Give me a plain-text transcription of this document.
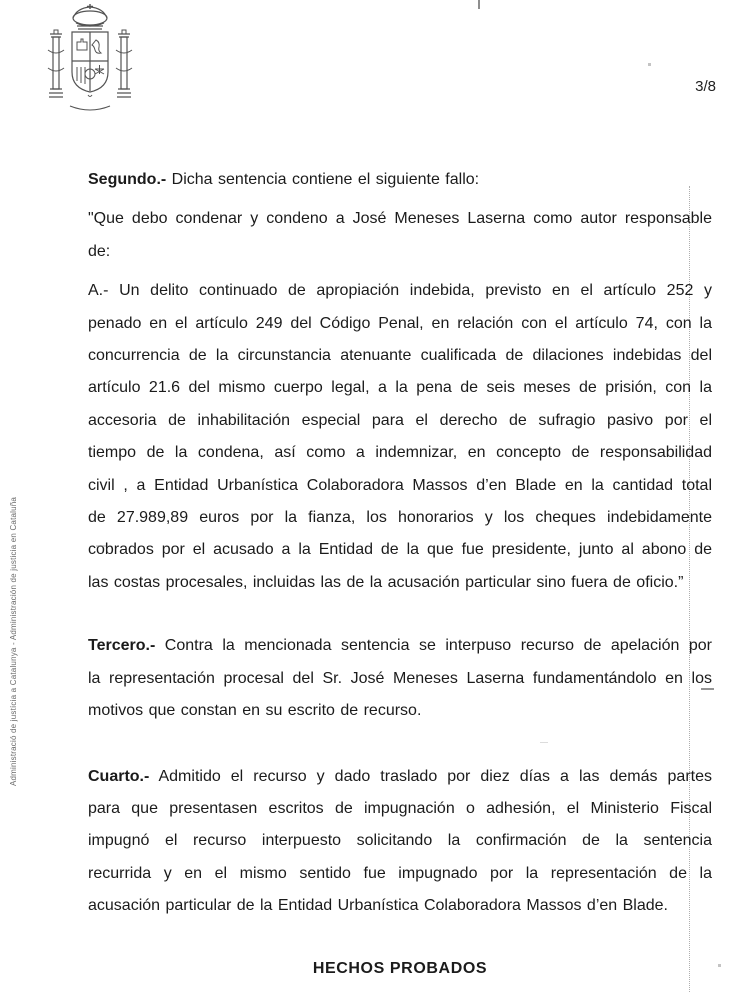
3/8
Administració de justícia a Catalunya - Administración de justicia en Cataluña
Segundo.- Dicha sentencia contiene el siguiente fallo:
"Que debo condenar y condeno a José Meneses Laserna como autor responsable
de:
A.- Un delito continuado de apropiación indebida, previsto en el artículo 252 y
penado en el artículo 249 del Código Penal, en relación con el artículo 74, con la
concurrencia de la circunstancia atenuante cualificada de dilaciones indebidas del
artículo 21.6 del mismo cuerpo legal, a la pena de seis meses de prisión, con la
accesoria de inhabilitación especial para el derecho de sufragio pasivo por el
tiempo de la condena, así como a indemnizar, en concepto de responsabilidad
civil , a Entidad Urbanística Colaboradora Massos d’en Blade en la cantidad total
de 27.989,89 euros por la fianza, los honorarios y los cheques indebidamente
cobrados por el acusado a la Entidad de la que fue presidente, junto al abono de
las costas procesales, incluidas las de la acusación particular sino fuera de oficio.”
Tercero.- Contra la mencionada sentencia se interpuso recurso de apelación por
la representación procesal del Sr. José Meneses Laserna fundamentándolo en los
motivos que constan en su escrito de recurso.
Cuarto.- Admitido el recurso y dado traslado por diez días a las demás partes
para que presentasen escritos de impugnación o adhesión, el Ministerio Fiscal
impugnó el recurso interpuesto solicitando la confirmación de la sentencia
recurrida y en el mismo sentido fue impugnado por la representación de la
acusación particular de la Entidad Urbanística Colaboradora Massos d’en Blade.
HECHOS PROBADOS
